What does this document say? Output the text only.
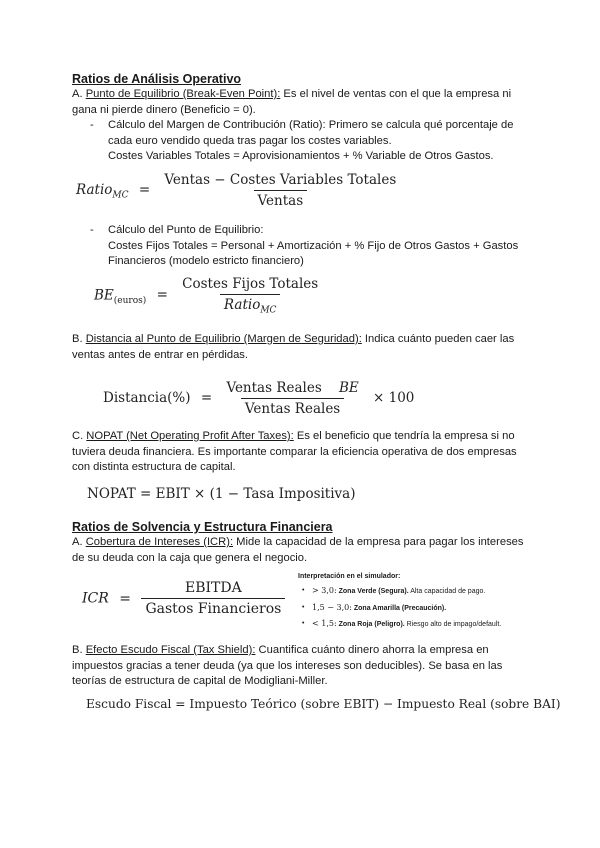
Ratios de Análisis Operativo
A. Punto de Equilibrio (Break-Even Point): Es el nivel de ventas con el que la empresa ni
gana ni pierde dinero (Beneficio = 0).
- Cálculo del Margen de Contribución (Ratio): Primero se calcula qué porcentaje de
cada euro vendido queda tras pagar los costes variables.
Costes Variables Totales = Aprovisionamientos + % Variable de Otros Gastos.
Ratio$_{MC}$ = $\frac{\text{Ventas − Costes Variables Totales}}{\text{Ventas}}$
- Cálculo del Punto de Equilibrio:
Costes Fijos Totales = Personal + Amortización + % Fijo de Otros Gastos + Gastos
Financieros (modelo estricto financiero)
$BE_{(euros)} = \frac{\text{Costes Fijos Totales}}{Ratio_{MC}}$
B. Distancia al Punto de Equilibrio (Margen de Seguridad): Indica cuánto pueden caer las
ventas antes de entrar en pérdidas.
Distancia(%) = $\frac{\text{Ventas Reales BE}}{\text{Ventas Reales}} \times 100$
C. NOPAT (Net Operating Profit After Taxes): Es el beneficio que tendría la empresa si no
tuviera deuda financiera. Es importante comparar la eficiencia operativa de dos empresas
con distinta estructura de capital.
NOPAT = EBIT × (1 − Tasa Impositiva)
Ratios de Solvencia y Estructura Financiera
A. Cobertura de Intereses (ICR): Mide la capacidad de la empresa para pagar los intereses
de su deuda con la caja que genera el negocio.
ICR = $\frac{\text{EBITDA}}{\text{Gastos Financieros}}$
Interpretación en el simulador:
• > 3,0: Zona Verde (Segura). Alta capacidad de pago.
• 1,5 − 3,0: Zona Amarilla (Precaución).
• < 1,5: Zona Roja (Peligro). Riesgo alto de impago/default.
B. Efecto Escudo Fiscal (Tax Shield): Cuantifica cuánto dinero ahorra la empresa en
impuestos gracias a tener deuda (ya que los intereses son deducibles). Se basa en las
teorías de estructura de capital de Modigliani-Miller.
Escudo Fiscal = Impuesto Teórico (sobre EBIT) − Impuesto Real (sobre BAI)
